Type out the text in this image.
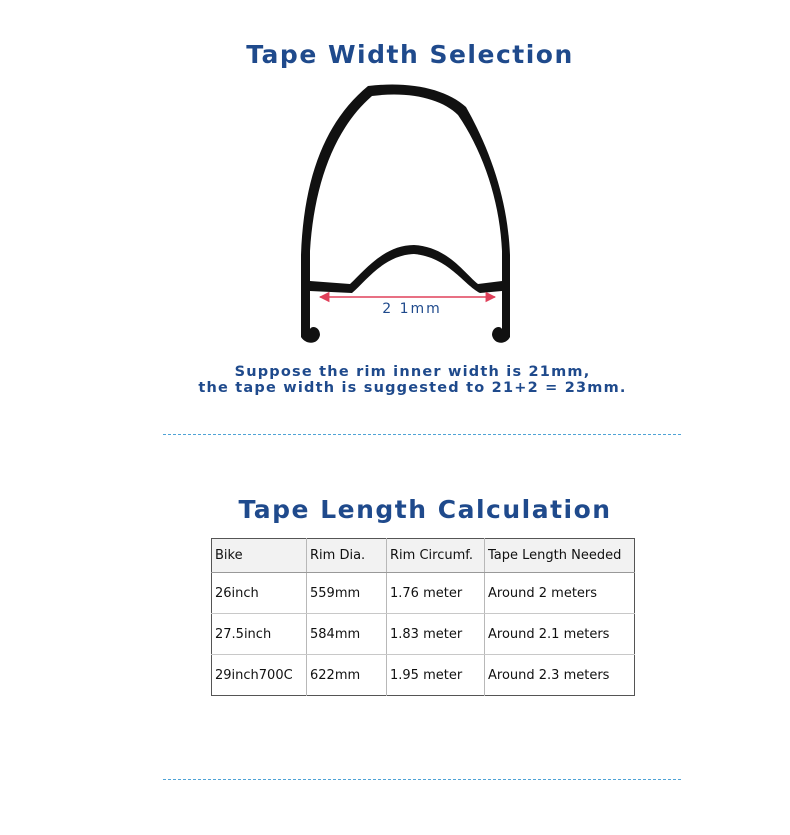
Tape Width Selection
2 1mm

Suppose the rim inner width is 21mm,

the tape width is suggested to 21+2 = 23mm.

Tape Length Calculation
Bike	Rim Dia.	Rim Circumf.	Tape Length Needed
26inch	559mm	1.76 meter	Around 2 meters
27.5inch	584mm	1.83 meter	Around 2.1 meters
29inch700C	622mm	1.95 meter	Around 2.3 meters
